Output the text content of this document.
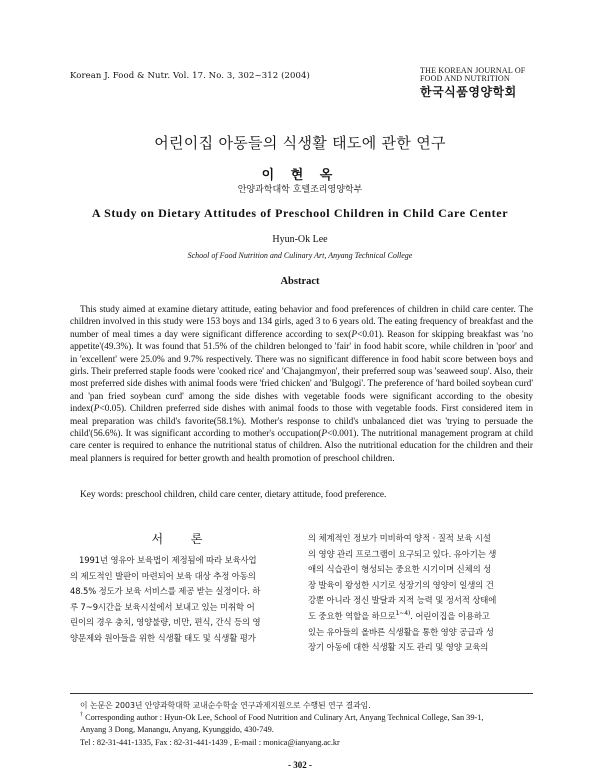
Korean J. Food & Nutr. Vol. 17. No. 3, 302~312 (2004)
THE KOREAN JOURNAL OF
FOOD AND NUTRITION
한국식품영양학회
어린이집 아동들의 식생활 태도에 관한 연구
이 현 옥
안양과학대학 호텔조리영양학부
A Study on Dietary Attitudes of Preschool Children in Child Care Center
Hyun-Ok Lee
School of Food Nutrition and Culinary Art, Anyang Technical College
Abstract

This study aimed at examine dietary attitude, eating behavior and food preferences of children in child care center. The children involved in this study were 153 boys and 134 girls, aged 3 to 6 years old. The eating frequency of breakfast and the number of meal times a day were significant difference according to sex(P<0.01). Reason for skipping breakfast was 'no appetite'(49.3%). It was found that 51.5% of the children belonged to 'fair' in food habit score, while children in 'poor' and in 'excellent' were 25.0% and 9.7% respectively. There was no significant difference in food habit score between boys and girls. Their preferred staple foods were 'cooked rice' and 'Chajangmyon', their preferred soup was 'seaweed soup'. Also, their most preferred side dishes with animal foods were 'fried chicken' and 'Bulgogi'. The preference of 'hard boiled soybean curd' and 'pan fried soybean curd' among the side dishes with vegetable foods were significant according to the obesity index(P<0.05). Children preferred side dishes with animal foods to those with vegetable foods. First considered item in meal preparation was child's favorite(58.1%). Mother's response to child's unbalanced diet was 'trying to persuade the child'(56.6%). It was significant according to mother's occupation(P<0.001). The nutritional management program at child care center is required to enhance the nutritional status of children. Also the nutritional education for the children and their meal planners is required for better growth and health promotion of preschool children.

Key words: preschool children, child care center, dietary attitude, food preference.
서 론
1991년 영유아 보육법이 제정됨에 따라 보육사업
의 제도적인 발판이 마련되어 보육 대상 추정 아동의
48.5% 정도가 보육 서비스를 제공 받는 실정이다. 하
루 7~9시간을 보육시설에서 보내고 있는 미취학 어
린이의 경우 충치, 영양불량, 비만, 편식, 간식 등의 영
양문제와 원아들을 위한 식생활 태도 및 식생활 평가
의 체계적인 정보가 미비하여 양적 · 질적 보육 시설
의 영양 관리 프로그램이 요구되고 있다. 유아기는 생
애의 식습관이 형성되는 중요한 시기이며 신체의 성
장 발육이 왕성한 시기로 성장기의 영양이 일생의 건
강뿐 아니라 정신 발달과 지적 능력 및 정서적 상태에
도 중요한 역할을 하므로$^{1\sim 4)}$. 어린이집을 이용하고
있는 유아들의 올바른 식생활을 통한 영양 공급과 성
장기 아동에 대한 식생활 지도 관리 및 영양 교육의
이 논문은 2003년 안양과학대학 교내순수학술 연구과제지원으로 수행된 연구 결과임.
† Corresponding author : Hyun-Ok Lee, School of Food Nutrition and Culinary Art, Anyang Technical College, San 39-1,
Anyang 3 Dong, Manangu, Anyang, Kyunggido, 430-749.
Tel : 82-31-441-1335, Fax : 82-31-441-1439 , E-mail : monica@ianyang.ac.kr
- 302 -
